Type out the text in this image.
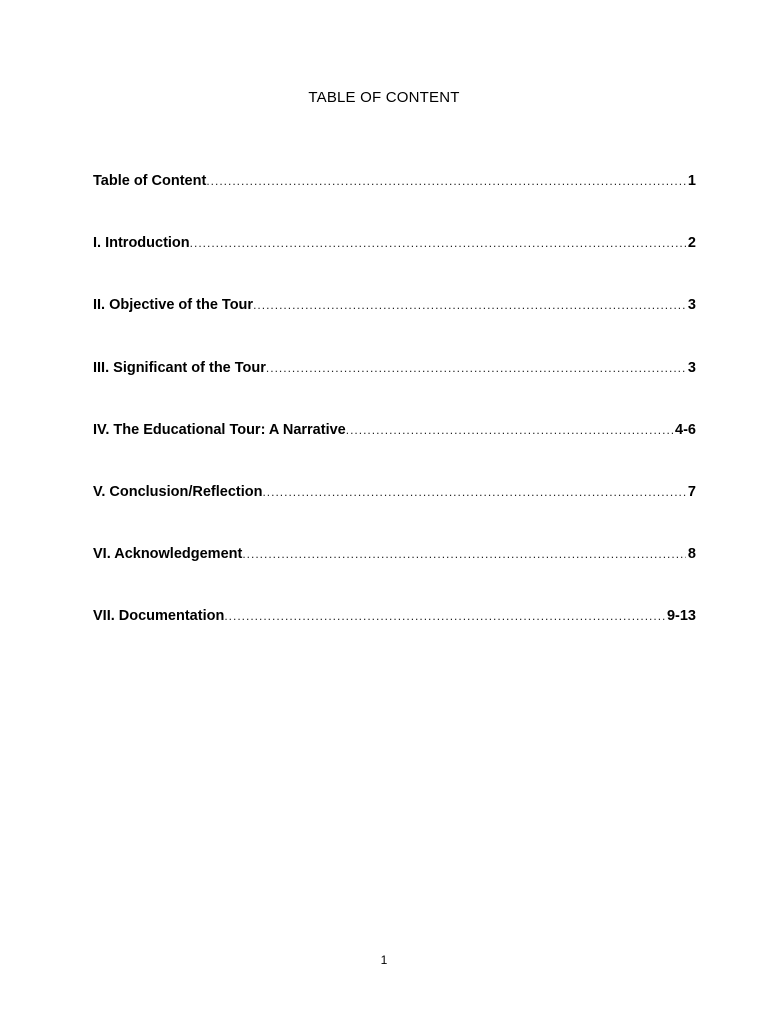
TABLE OF CONTENT
Table of Content .....	1
I. Introduction .....	2
II. Objective of the Tour .....	3
III. Significant of the Tour .....	3
IV. The Educational Tour: A Narrative .....	4-6
V. Conclusion/Reflection .....	7
VI. Acknowledgement .....	8
VII. Documentation .....	9-13
1
